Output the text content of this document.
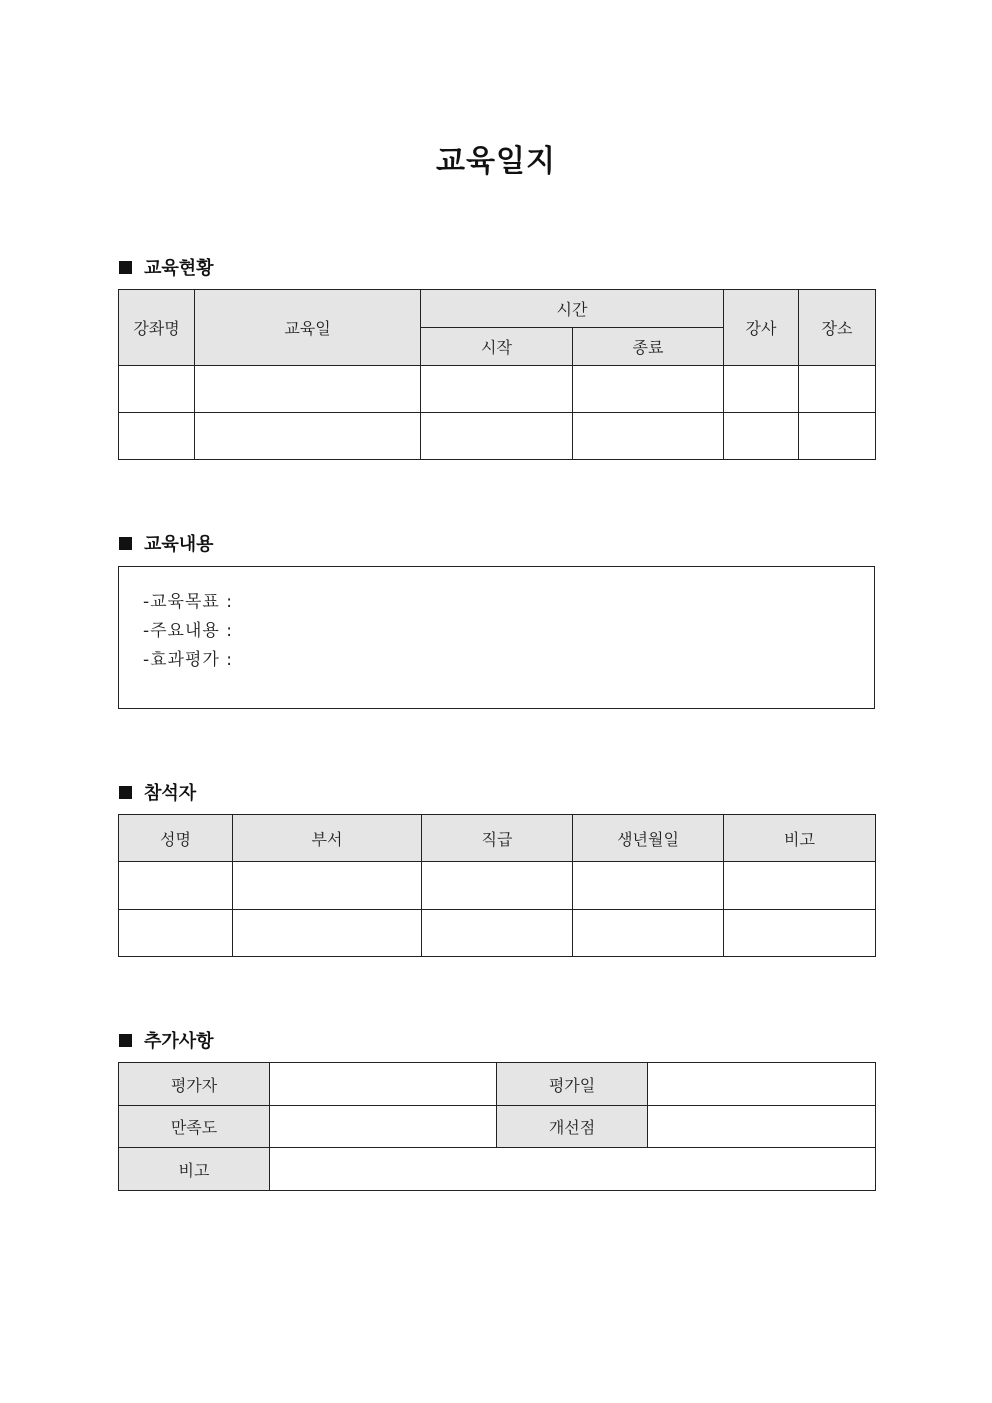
교육일지
교육현황
강좌명	교육일	시간		강사	장소
		시작	종료		

교육내용
-교육목표 :
-주요내용 :
-효과평가 :
참석자
성명	부서	직급	생년월일	비고

추가사항
평가자		평가일	
만족도		개선점	
비고			
